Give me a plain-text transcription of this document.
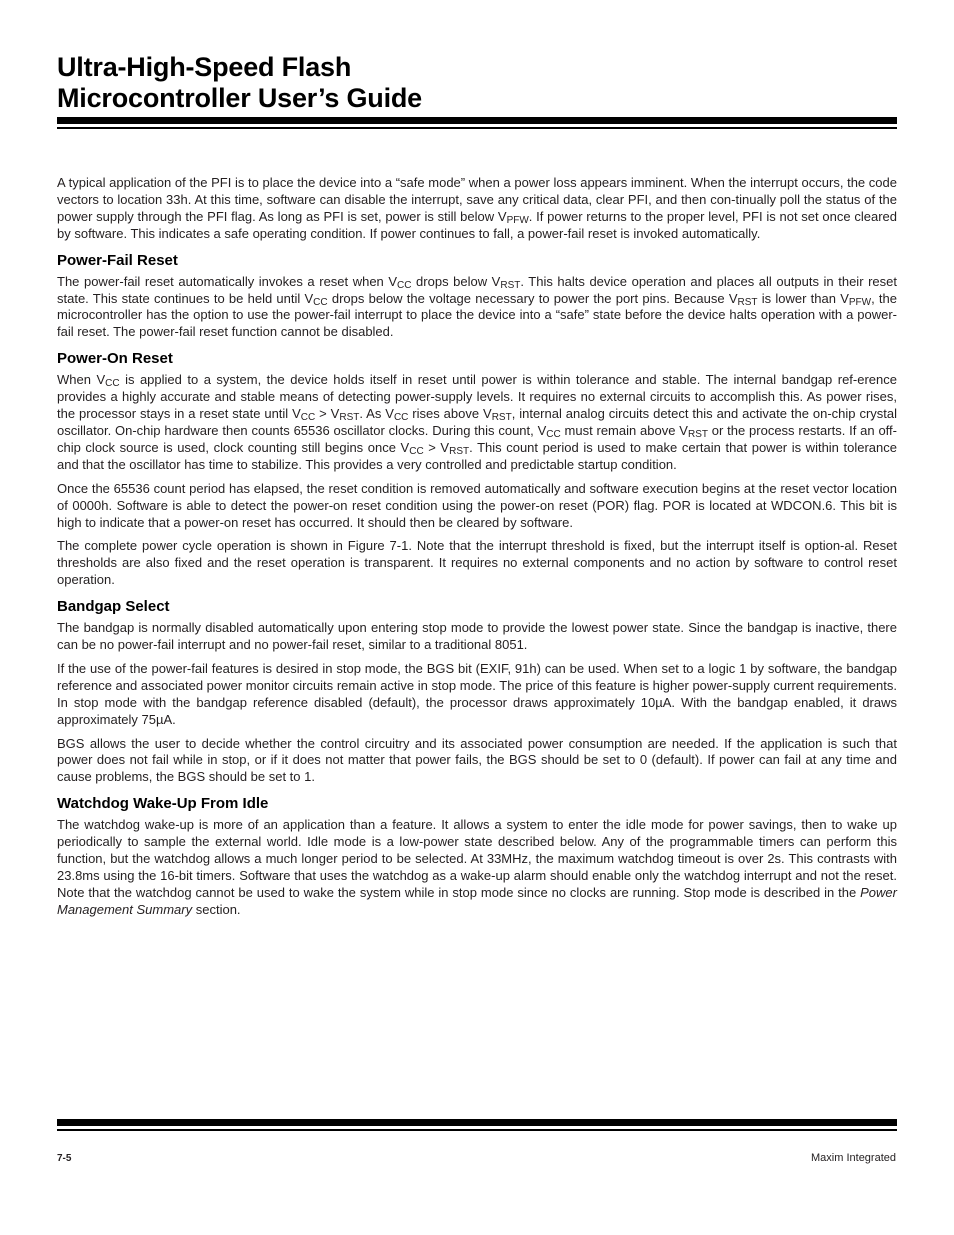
Ultra-High-Speed Flash
Microcontroller User’s Guide

A typical application of the PFI is to place the device into a “safe mode” when a power loss appears imminent. When the interrupt occurs, the code vectors to location 33h. At this time, software can disable the interrupt, save any critical data, clear PFI, and then con-tinually poll the status of the power supply through the PFI flag. As long as PFI is set, power is still below $V_{PFW}$. If power returns to the proper level, PFI is not set once cleared by software. This indicates a safe operating condition. If power continues to fall, a power-fail reset is invoked automatically.

Power-Fail Reset

The power-fail reset automatically invokes a reset when $V_{CC}$ drops below $V_{RST}$. This halts device operation and places all outputs in their reset state. This state continues to be held until $V_{CC}$ drops below the voltage necessary to power the port pins. Because $V_{RST}$ is lower than $V_{PFW}$, the microcontroller has the option to use the power-fail interrupt to place the device into a “safe” state before the device halts operation with a power-fail reset. The power-fail reset function cannot be disabled.

Power-On Reset

When $V_{CC}$ is applied to a system, the device holds itself in reset until power is within tolerance and stable. The internal bandgap ref-erence provides a highly accurate and stable means of detecting power-supply levels. It requires no external circuits to accomplish this. As power rises, the processor stays in a reset state until $V_{CC} > V_{RST}$. As $V_{CC}$ rises above $V_{RST}$, internal analog circuits detect this and activate the on-chip crystal oscillator. On-chip hardware then counts 65536 oscillator clocks. During this count, $V_{CC}$ must remain above $V_{RST}$ or the process restarts. If an off-chip clock source is used, clock counting still begins once $V_{CC} > V_{RST}$. This count period is used to make certain that power is within tolerance and that the oscillator has time to stabilize. This provides a very controlled and predictable startup condition.

Once the 65536 count period has elapsed, the reset condition is removed automatically and software execution begins at the reset vector location of 0000h. Software is able to detect the power-on reset condition using the power-on reset (POR) flag. POR is located at WDCON.6. This bit is high to indicate that a power-on reset has occurred. It should then be cleared by software.

The complete power cycle operation is shown in Figure 7-1. Note that the interrupt threshold is fixed, but the interrupt itself is option-al. Reset thresholds are also fixed and the reset operation is transparent. It requires no external components and no action by software to control reset operation.

Bandgap Select

The bandgap is normally disabled automatically upon entering stop mode to provide the lowest power state. Since the bandgap is inactive, there can be no power-fail interrupt and no power-fail reset, similar to a traditional 8051.

If the use of the power-fail features is desired in stop mode, the BGS bit (EXIF, 91h) can be used. When set to a logic 1 by software, the bandgap reference and associated power monitor circuits remain active in stop mode. The price of this feature is higher power-supply current requirements. In stop mode with the bandgap reference disabled (default), the processor draws approximately 10µA. With the bandgap enabled, it draws approximately 75µA.

BGS allows the user to decide whether the control circuitry and its associated power consumption are needed. If the application is such that power does not fail while in stop, or if it does not matter that power fails, the BGS should be set to 0 (default). If power can fail at any time and cause problems, the BGS should be set to 1.

Watchdog Wake-Up From Idle

The watchdog wake-up is more of an application than a feature. It allows a system to enter the idle mode for power savings, then to wake up periodically to sample the external world. Idle mode is a low-power state described below. Any of the programmable timers can perform this function, but the watchdog allows a much longer period to be selected. At 33MHz, the maximum watchdog timeout is over 2s. This contrasts with 23.8ms using the 16-bit timers. Software that uses the watchdog as a wake-up alarm should enable only the watchdog interrupt and not the reset. Note that the watchdog cannot be used to wake the system while in stop mode since no clocks are running. Stop mode is described in the Power Management Summary section.

7-5	Maxim Integrated
